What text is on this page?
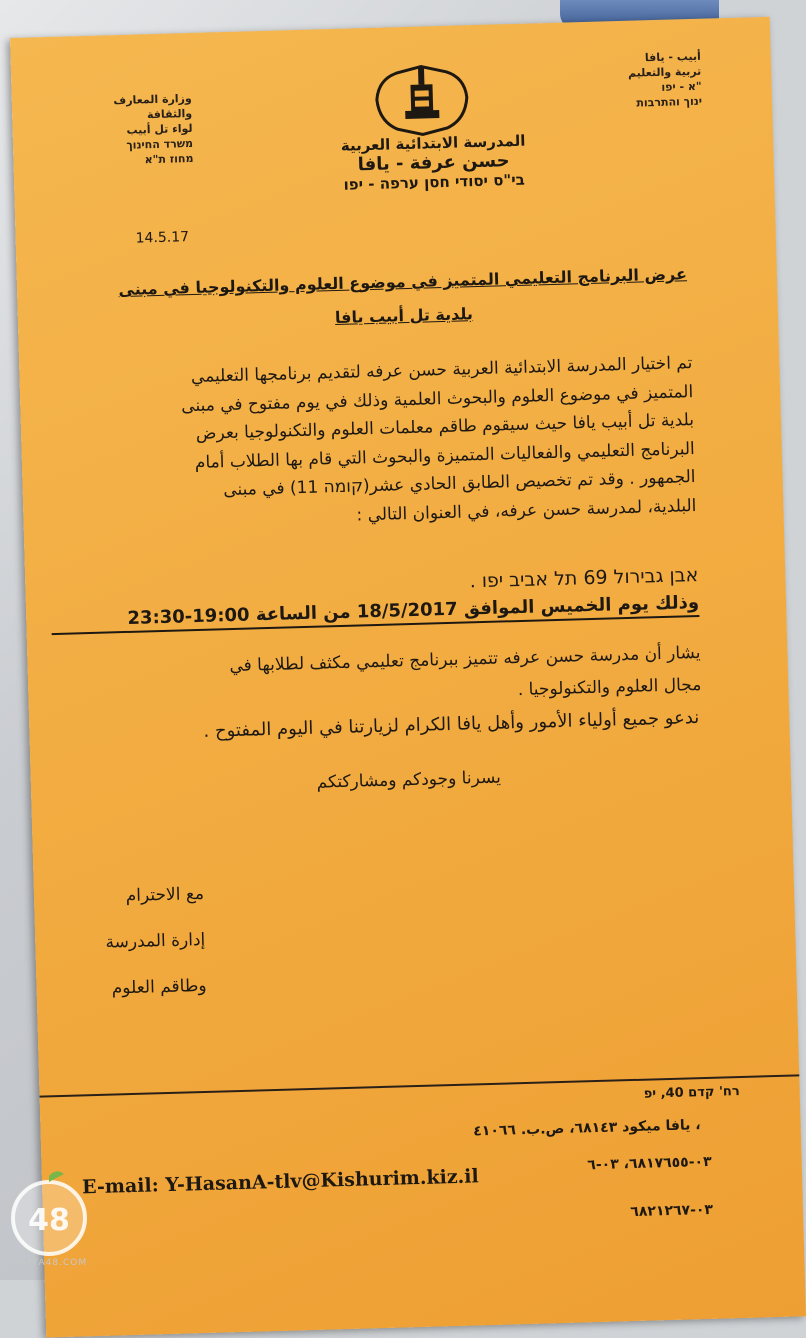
وزارة المعارف والثقافة
لواء تل أبيب
משרד החינוך
מחוז ת"א
أبيب - يافا
تربية والتعليم
"א - יפו
ינוך והתרבות
المدرسة الابتدائية العربية
حسن عرفة - يافا
בי"ס יסודי חסן ערפה - יפו
14.5.17
عرض البرنامج التعليمي المتميز في موضوع العلوم والتكنولوجيا في مبنى
بلدية تل أبيب يافا
تم اختيار المدرسة الابتدائية العربية حسن عرفه لتقديم برنامجها التعليمي
المتميز في موضوع العلوم والبحوث العلمية وذلك في يوم مفتوح في مبنى
بلدية تل أبيب يافا حيث سيقوم طاقم معلمات العلوم والتكنولوجيا بعرض
البرنامج التعليمي والفعاليات المتميزة والبحوث التي قام بها الطلاب أمام
الجمهور . وقد تم تخصيص الطابق الحادي عشر(קומה 11) في مبنى
البلدية، لمدرسة حسن عرفه، في العنوان التالي :
אבן גבירול 69 תל אביב יפו .
وذلك يوم الخميس الموافق 18/5/2017 من الساعة 19:00-23:30
يشار أن مدرسة حسن عرفه تتميز ببرنامج تعليمي مكثف لطلابها في
مجال العلوم والتكنولوجيا .
ندعو جميع أولياء الأمور وأهل يافا الكرام لزيارتنا في اليوم المفتوح .
يسرنا وجودكم ومشاركتكم
مع الاحترام
إدارة المدرسة
وطاقم العلوم
רח' קדם 40, יפ
، يافا ميكود ٦٨١٤٣، ص.ب. ٤١٠٦٦
E-mail: Y-HasanA-tlv@Kishurim.kiz.il
٠٣-٦٨١٧٦٥٥، ٠٣-٦
٠٣-٦٨٢١٢٦٧
48
YAFFA48.COM
